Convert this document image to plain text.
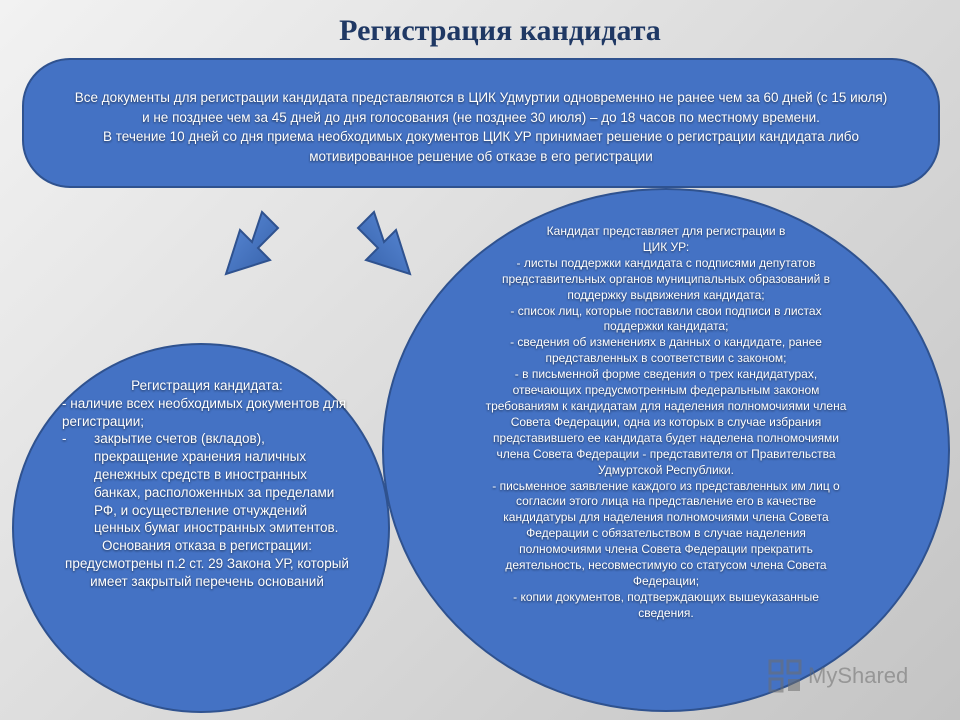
Регистрация кандидата
Все документы для регистрации кандидата представляются в ЦИК Удмуртии одновременно не ранее чем за 60 дней (с 15 июля)
и не позднее чем за 45 дней до дня голосования (не позднее 30 июля) – до 18 часов по местному времени.
В течение 10 дней со дня приема необходимых документов ЦИК УР принимает решение о регистрации кандидата либо
мотивированное решение об отказе в его регистрации
Регистрация кандидата:
- наличие всех необходимых документов для регистрации;
-	закрытие счетов (вкладов), прекращение хранения наличных денежных средств в иностранных банках, расположенных за пределами РФ, и осуществление отчуждений ценных бумаг иностранных эмитентов.
Основания отказа в регистрации: предусмотрены п.2 ст. 29 Закона УР, который имеет закрытый перечень оснований
Кандидат представляет для регистрации в
ЦИК УР:
- листы поддержки кандидата с подписями депутатов
представительных органов муниципальных образований в
поддержку выдвижения кандидата;
- список лиц, которые поставили свои подписи в листах
поддержки кандидата;
- сведения об изменениях в данных о кандидате, ранее
представленных в соответствии с законом;
- в письменной форме сведения о трех кандидатурах,
отвечающих предусмотренным федеральным законом
требованиям к кандидатам для наделения полномочиями члена
Совета Федерации, одна из которых в случае избрания
представившего ее кандидата будет наделена полномочиями
члена Совета Федерации - представителя от Правительства
Удмуртской Республики.
- письменное заявление каждого из представленных им лиц о
согласии этого лица на представление его в качестве
кандидатуры для наделения полномочиями члена Совета
Федерации с обязательством в случае наделения
полномочиями члена Совета Федерации прекратить
деятельность, несовместимую со статусом члена Совета
Федерации;
- копии документов, подтверждающих вышеуказанные
сведения.
MyShared
